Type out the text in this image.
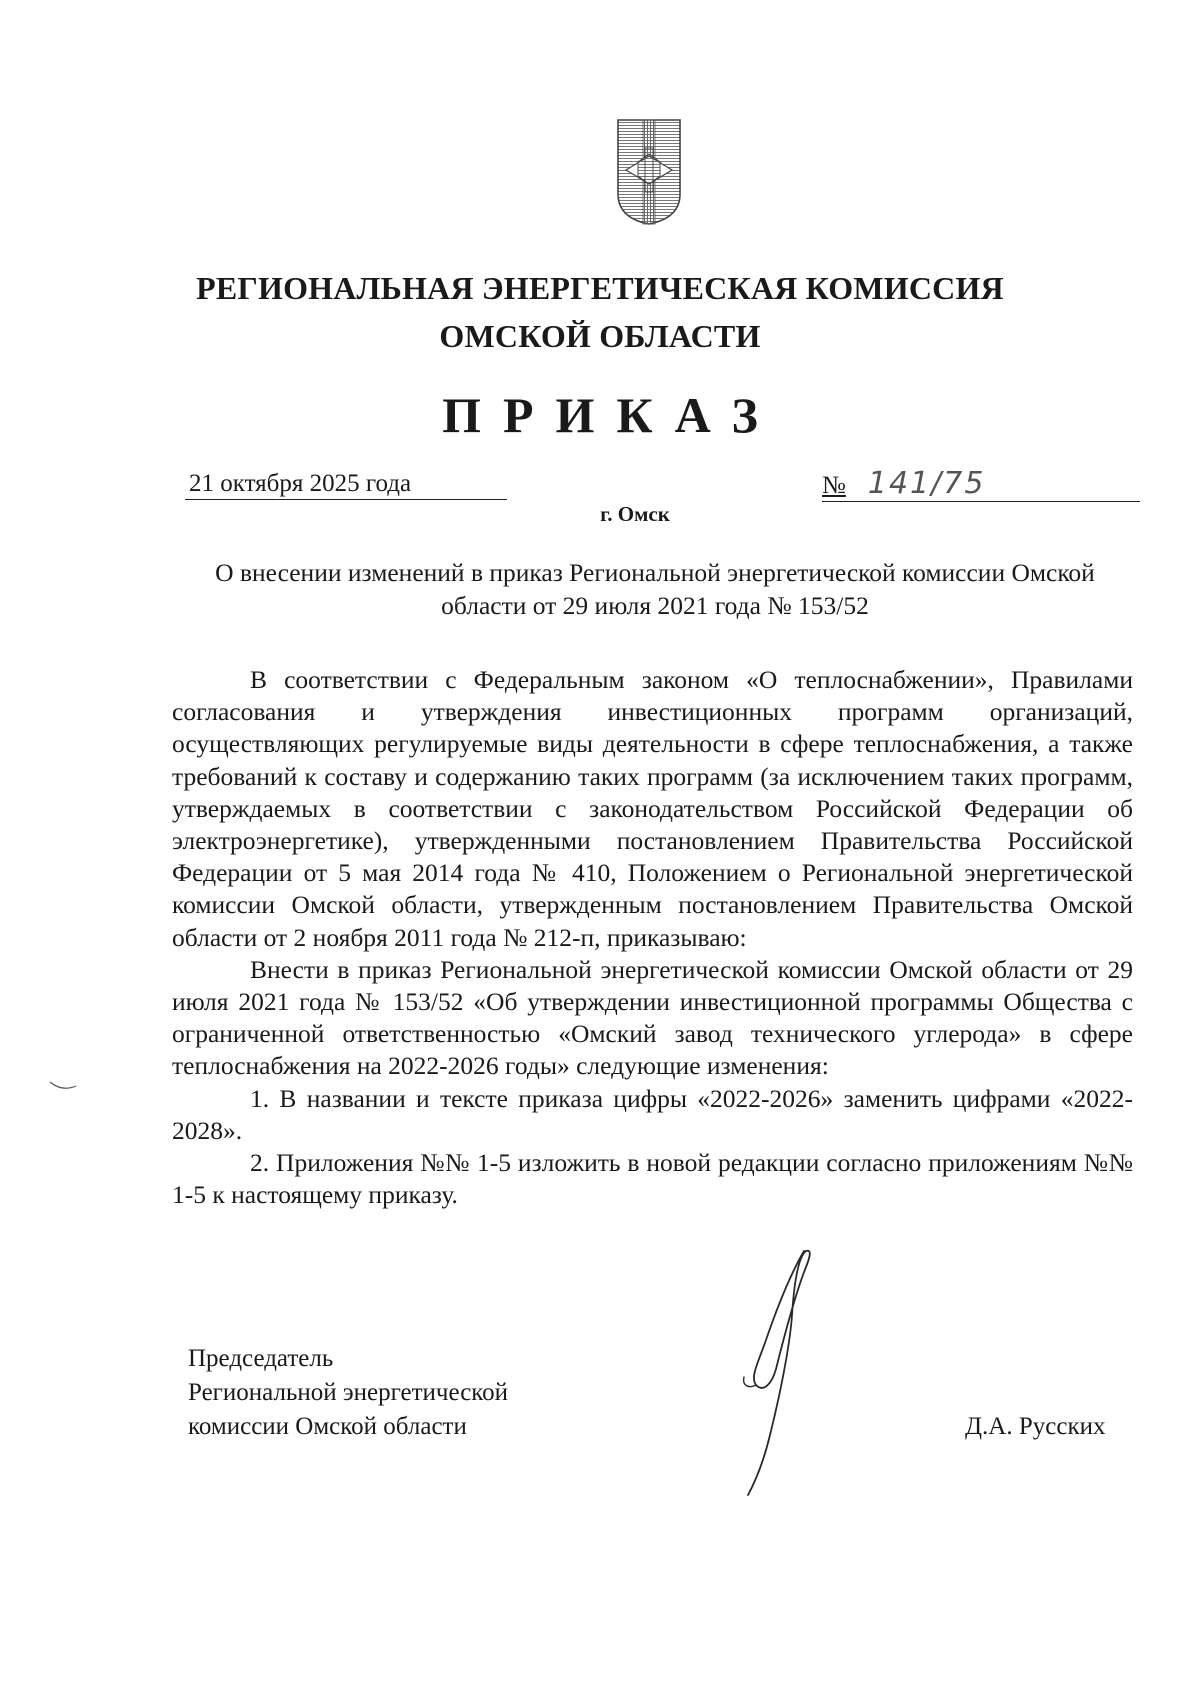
РЕГИОНАЛЬНАЯ ЭНЕРГЕТИЧЕСКАЯ КОМИССИЯ
ОМСКОЙ ОБЛАСТИ
ПРИКАЗ
21 октября 2025 года	№ 141/75
г. Омск
О внесении изменений в приказ Региональной энергетической комиссии Омской области от 29 июля 2021 года № 153/52

В соответствии с Федеральным законом «О теплоснабжении», Правилами согласования и утверждения инвестиционных программ организаций, осуществляющих регулируемые виды деятельности в сфере теплоснабжения, а также требований к составу и содержанию таких программ (за исключением таких программ, утверждаемых в соответствии с законодательством Российской Федерации об электроэнергетике), утвержденными постановлением Правительства Российской Федерации от 5 мая 2014 года № 410, Положением о Региональной энергетической комиссии Омской области, утвержденным постановлением Правительства Омской области от 2 ноября 2011 года № 212-п, приказываю:

Внести в приказ Региональной энергетической комиссии Омской области от 29 июля 2021 года № 153/52 «Об утверждении инвестиционной программы Общества с ограниченной ответственностью «Омский завод технического углерода» в сфере теплоснабжения на 2022-2026 годы» следующие изменения:

1. В названии и тексте приказа цифры «2022-2026» заменить цифрами «2022-2028».

2. Приложения №№ 1-5 изложить в новой редакции согласно приложениям №№ 1-5 к настоящему приказу.

Председатель
Региональной энергетической
комиссии Омской области	Д.А. Русских
